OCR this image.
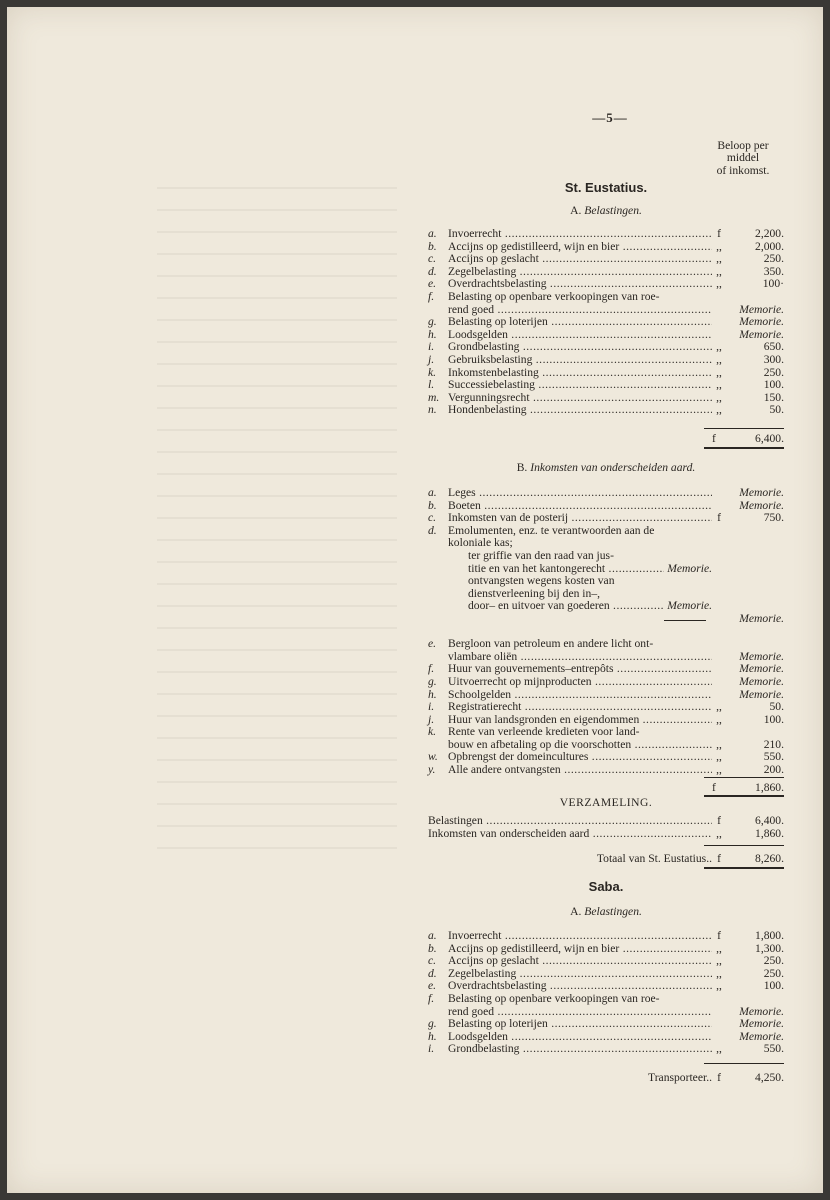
—5—
Beloop per
middel
of inkomst.
St. Eustatius.
A. Belastingen.
a. Invoerrecht .....	f	2,200.
b. Accijns op gedistilleerd, wijn en bier .....	,,	2,000.
c.	Accijns op geslacht .....	,,	250.
d. Zegelbelasting .....	,,	350.
e.	Overdrachtsbelasting .....	,,	100·
f.	Belasting op openbare verkoopingen van roe-
rend goed .....	Memorie.
g. Belasting op loterijen .....	Memorie.
h. Loodsgelden .....	Memorie.
i.	Grondbelasting .....	,,	650.
j.	Gebruiksbelasting .....	,,	300.
k.	Inkomstenbelasting .....	,,	250.
l.	Successiebelasting .....	,,	100.
m. Vergunningsrecht .....	,,	150.
n. Hondenbelasting .....	,,	50.
f	6,400.
B. Inkomsten van onderscheiden aard.
a. Leges .....	Memorie.
b. Boeten .....	Memorie.
c.	Inkomsten van de posterij .....	f	750.
d. Emolumenten, enz. te verantwoorden aan de
koloniale kas;
ter griffie van den raad van jus-
titie en van het kantongerecht .....	Memorie.
ontvangsten wegens kosten van
dienstverleening bij den in–,
door– en uitvoer van goederen .....	Memorie.
Memorie.
e.	Bergloon van petroleum en andere licht ont-
vlambare oliën .....	Memorie.
f.	Huur van gouvernements–entrepôts .....	Memorie.
g. Uitvoerrecht op mijnproducten .....	Memorie.
h. Schoolgelden .....	Memorie.
i.	Registratierecht .....	,,	50.
j.	Huur van landsgronden en eigendommen .....	,,	100.
k.	Rente van verleende kredieten voor land-
bouw en afbetaling op die voorschotten .....	,,	210.
w. Opbrengst der domeincultures .....	,,	550.
y.	Alle andere ontvangsten .....	,,	200.
f	1,860.
VERZAMELING.
Belastingen .....	f	6,400.
Inkomsten van onderscheiden aard .....	,,	1,860.
Totaal van St. Eustatius.. f	8,260.
Saba.
A. Belastingen.
a. Invoerrecht .....	f	1,800.
b. Accijns op gedistilleerd, wijn en bier .....	,,	1,300.
c.	Accijns op geslacht .....	,,	250.
d. Zegelbelasting .....	,,	250.
e.	Overdrachtsbelasting .....	,,	100.
f.	Belasting op openbare verkoopingen van roe-
rend goed .....	Memorie.
g. Belasting op loterijen .....	Memorie.
h. Loodsgelden .....	Memorie.
i.	Grondbelasting .....	,,	550.
Transporteer.. f	4,250.
